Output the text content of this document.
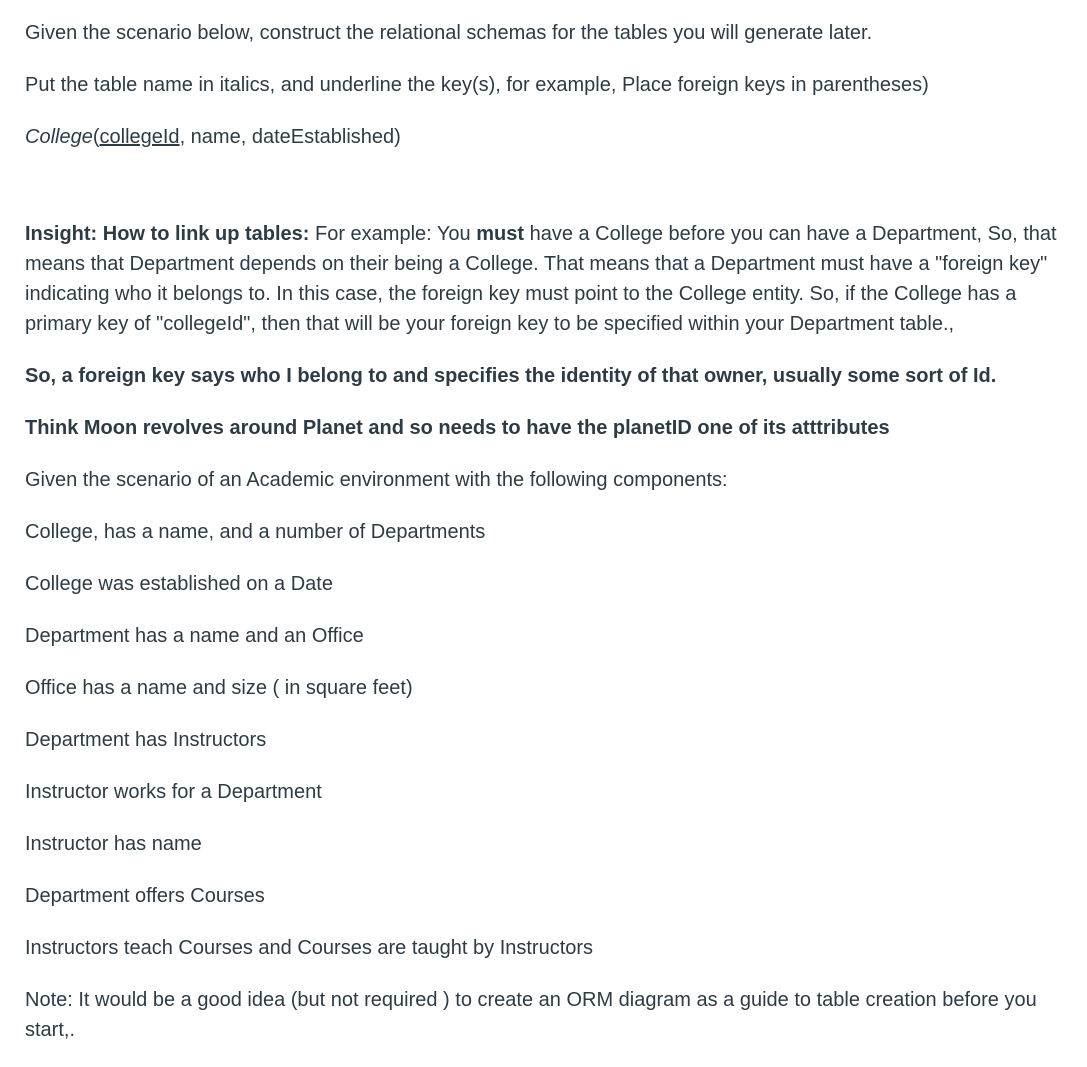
Given the scenario below, construct the relational schemas for the tables you will generate later.

Put the table name in italics, and underline the key(s), for example, Place foreign keys in parentheses)

College(collegeId, name, dateEstablished)

Insight: How to link up tables: For example: You must have a College before you can have a Department, So, that means that Department depends on their being a College. That means that a Department must have a "foreign key" indicating who it belongs to. In this case, the foreign key must point to the College entity. So, if the College has a primary key of "collegeId", then that will be your foreign key to be specified within your Department table.,

So, a foreign key says who I belong to and specifies the identity of that owner, usually some sort of Id.

Think Moon revolves around Planet and so needs to have the planetID one of its atttributes

Given the scenario of an Academic environment with the following components:

College, has a name, and a number of Departments

College was established on a Date

Department has a name and an Office

Office has a name and size ( in square feet)

Department has Instructors

Instructor works for a Department

Instructor has name

Department offers Courses

Instructors teach Courses and Courses are taught by Instructors

Note: It would be a good idea (but not required ) to create an ORM diagram as a guide to table creation before you start,.
